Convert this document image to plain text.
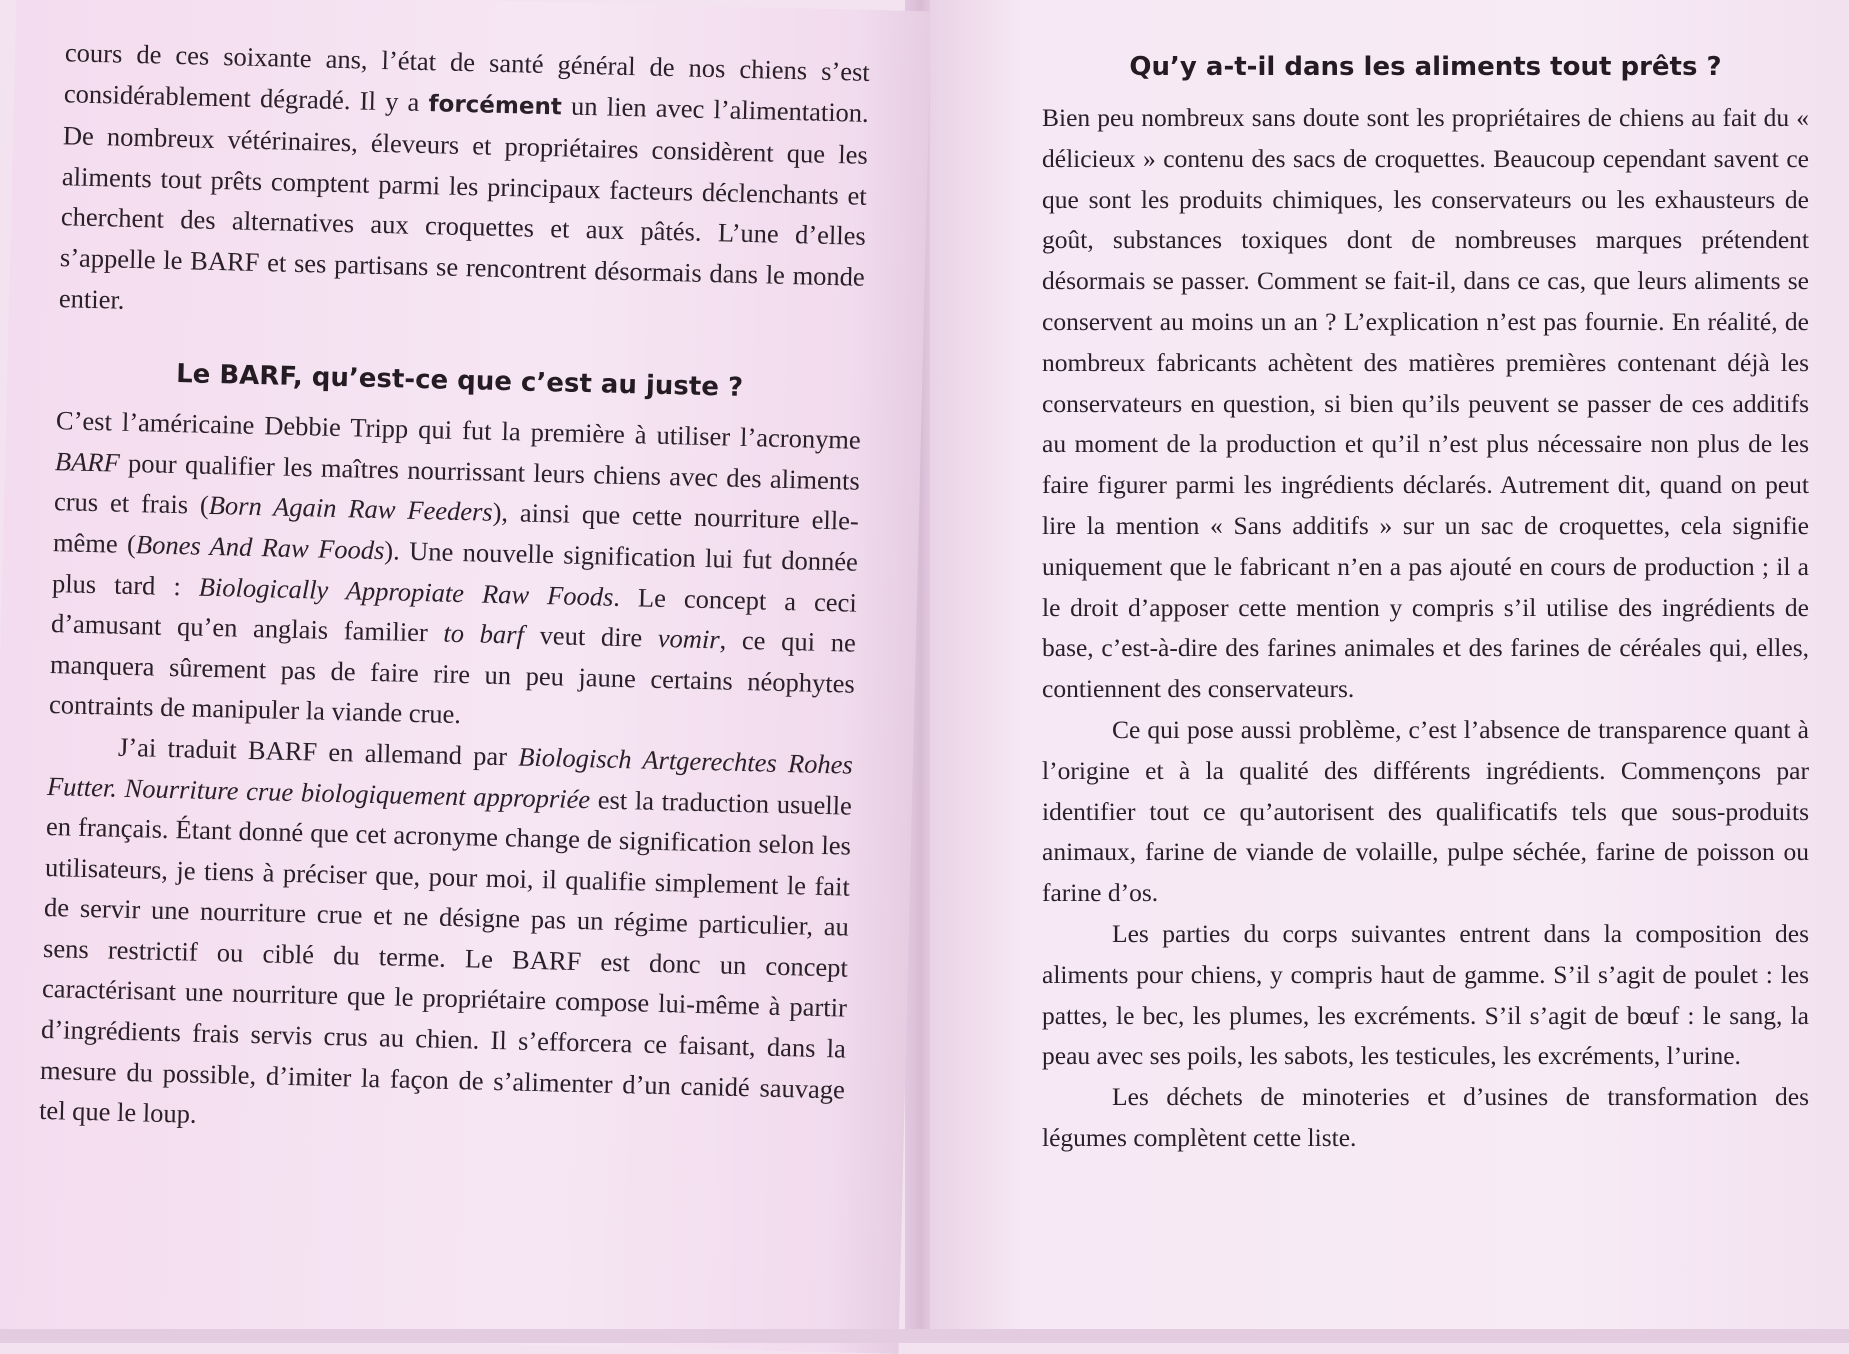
cours de ces soixante ans, l’état de santé général de nos chiens s’est considérablement dégradé. Il y a forcément un lien avec l’alimentation. De nombreux vétérinaires, éleveurs et propriétaires considèrent que les aliments tout prêts comptent parmi les principaux facteurs déclenchants et cherchent des alternatives aux croquettes et aux pâtés. L’une d’elles s’appelle le BARF et ses partisans se rencontrent désormais dans le monde entier.

Le BARF, qu’est-ce que c’est au juste ?

C’est l’américaine Debbie Tripp qui fut la première à utiliser l’acronyme BARF pour qualifier les maîtres nourrissant leurs chiens avec des aliments crus et frais (Born Again Raw Feeders), ainsi que cette nourriture elle-même (Bones And Raw Foods). Une nouvelle signification lui fut donnée plus tard : Biologically Appropiate Raw Foods. Le concept a ceci d’amusant qu’en anglais familier to barf veut dire vomir, ce qui ne manquera sûrement pas de faire rire un peu jaune certains néophytes contraints de manipuler la viande crue.

J’ai traduit BARF en allemand par Biologisch Artgerechtes Rohes Futter. Nourriture crue biologiquement appropriée est la traduction usuelle en français. Étant donné que cet acronyme change de signification selon les utilisateurs, je tiens à préciser que, pour moi, il qualifie simplement le fait de servir une nourriture crue et ne désigne pas un régime particulier, au sens restrictif ou ciblé du terme. Le BARF est donc un concept caractérisant une nourriture que le propriétaire compose lui-même à partir d’ingrédients frais servis crus au chien. Il s’efforcera ce faisant, dans la mesure du possible, d’imiter la façon de s’alimenter d’un canidé sauvage tel que le loup.

Qu’y a-t-il dans les aliments tout prêts ?

Bien peu nombreux sans doute sont les propriétaires de chiens au fait du « délicieux » contenu des sacs de croquettes. Beaucoup cependant savent ce que sont les produits chimiques, les conservateurs ou les exhausteurs de goût, substances toxiques dont de nombreuses marques prétendent désormais se passer. Comment se fait-il, dans ce cas, que leurs aliments se conservent au moins un an ? L’explication n’est pas fournie. En réalité, de nombreux fabricants achètent des matières premières contenant déjà les conservateurs en question, si bien qu’ils peuvent se passer de ces additifs au moment de la production et qu’il n’est plus nécessaire non plus de les faire figurer parmi les ingrédients déclarés. Autrement dit, quand on peut lire la mention « Sans additifs » sur un sac de croquettes, cela signifie uniquement que le fabricant n’en a pas ajouté en cours de production ; il a le droit d’apposer cette mention y compris s’il utilise des ingrédients de base, c’est-à-dire des farines animales et des farines de céréales qui, elles, contiennent des conservateurs.

Ce qui pose aussi problème, c’est l’absence de transparence quant à l’origine et à la qualité des différents ingrédients. Commençons par identifier tout ce qu’autorisent des qualificatifs tels que sous-produits animaux, farine de viande de volaille, pulpe séchée, farine de poisson ou farine d’os.

Les parties du corps suivantes entrent dans la composition des aliments pour chiens, y compris haut de gamme. S’il s’agit de poulet : les pattes, le bec, les plumes, les excréments. S’il s’agit de bœuf : le sang, la peau avec ses poils, les sabots, les testicules, les excréments, l’urine.

Les déchets de minoteries et d’usines de transformation des légumes complètent cette liste.
